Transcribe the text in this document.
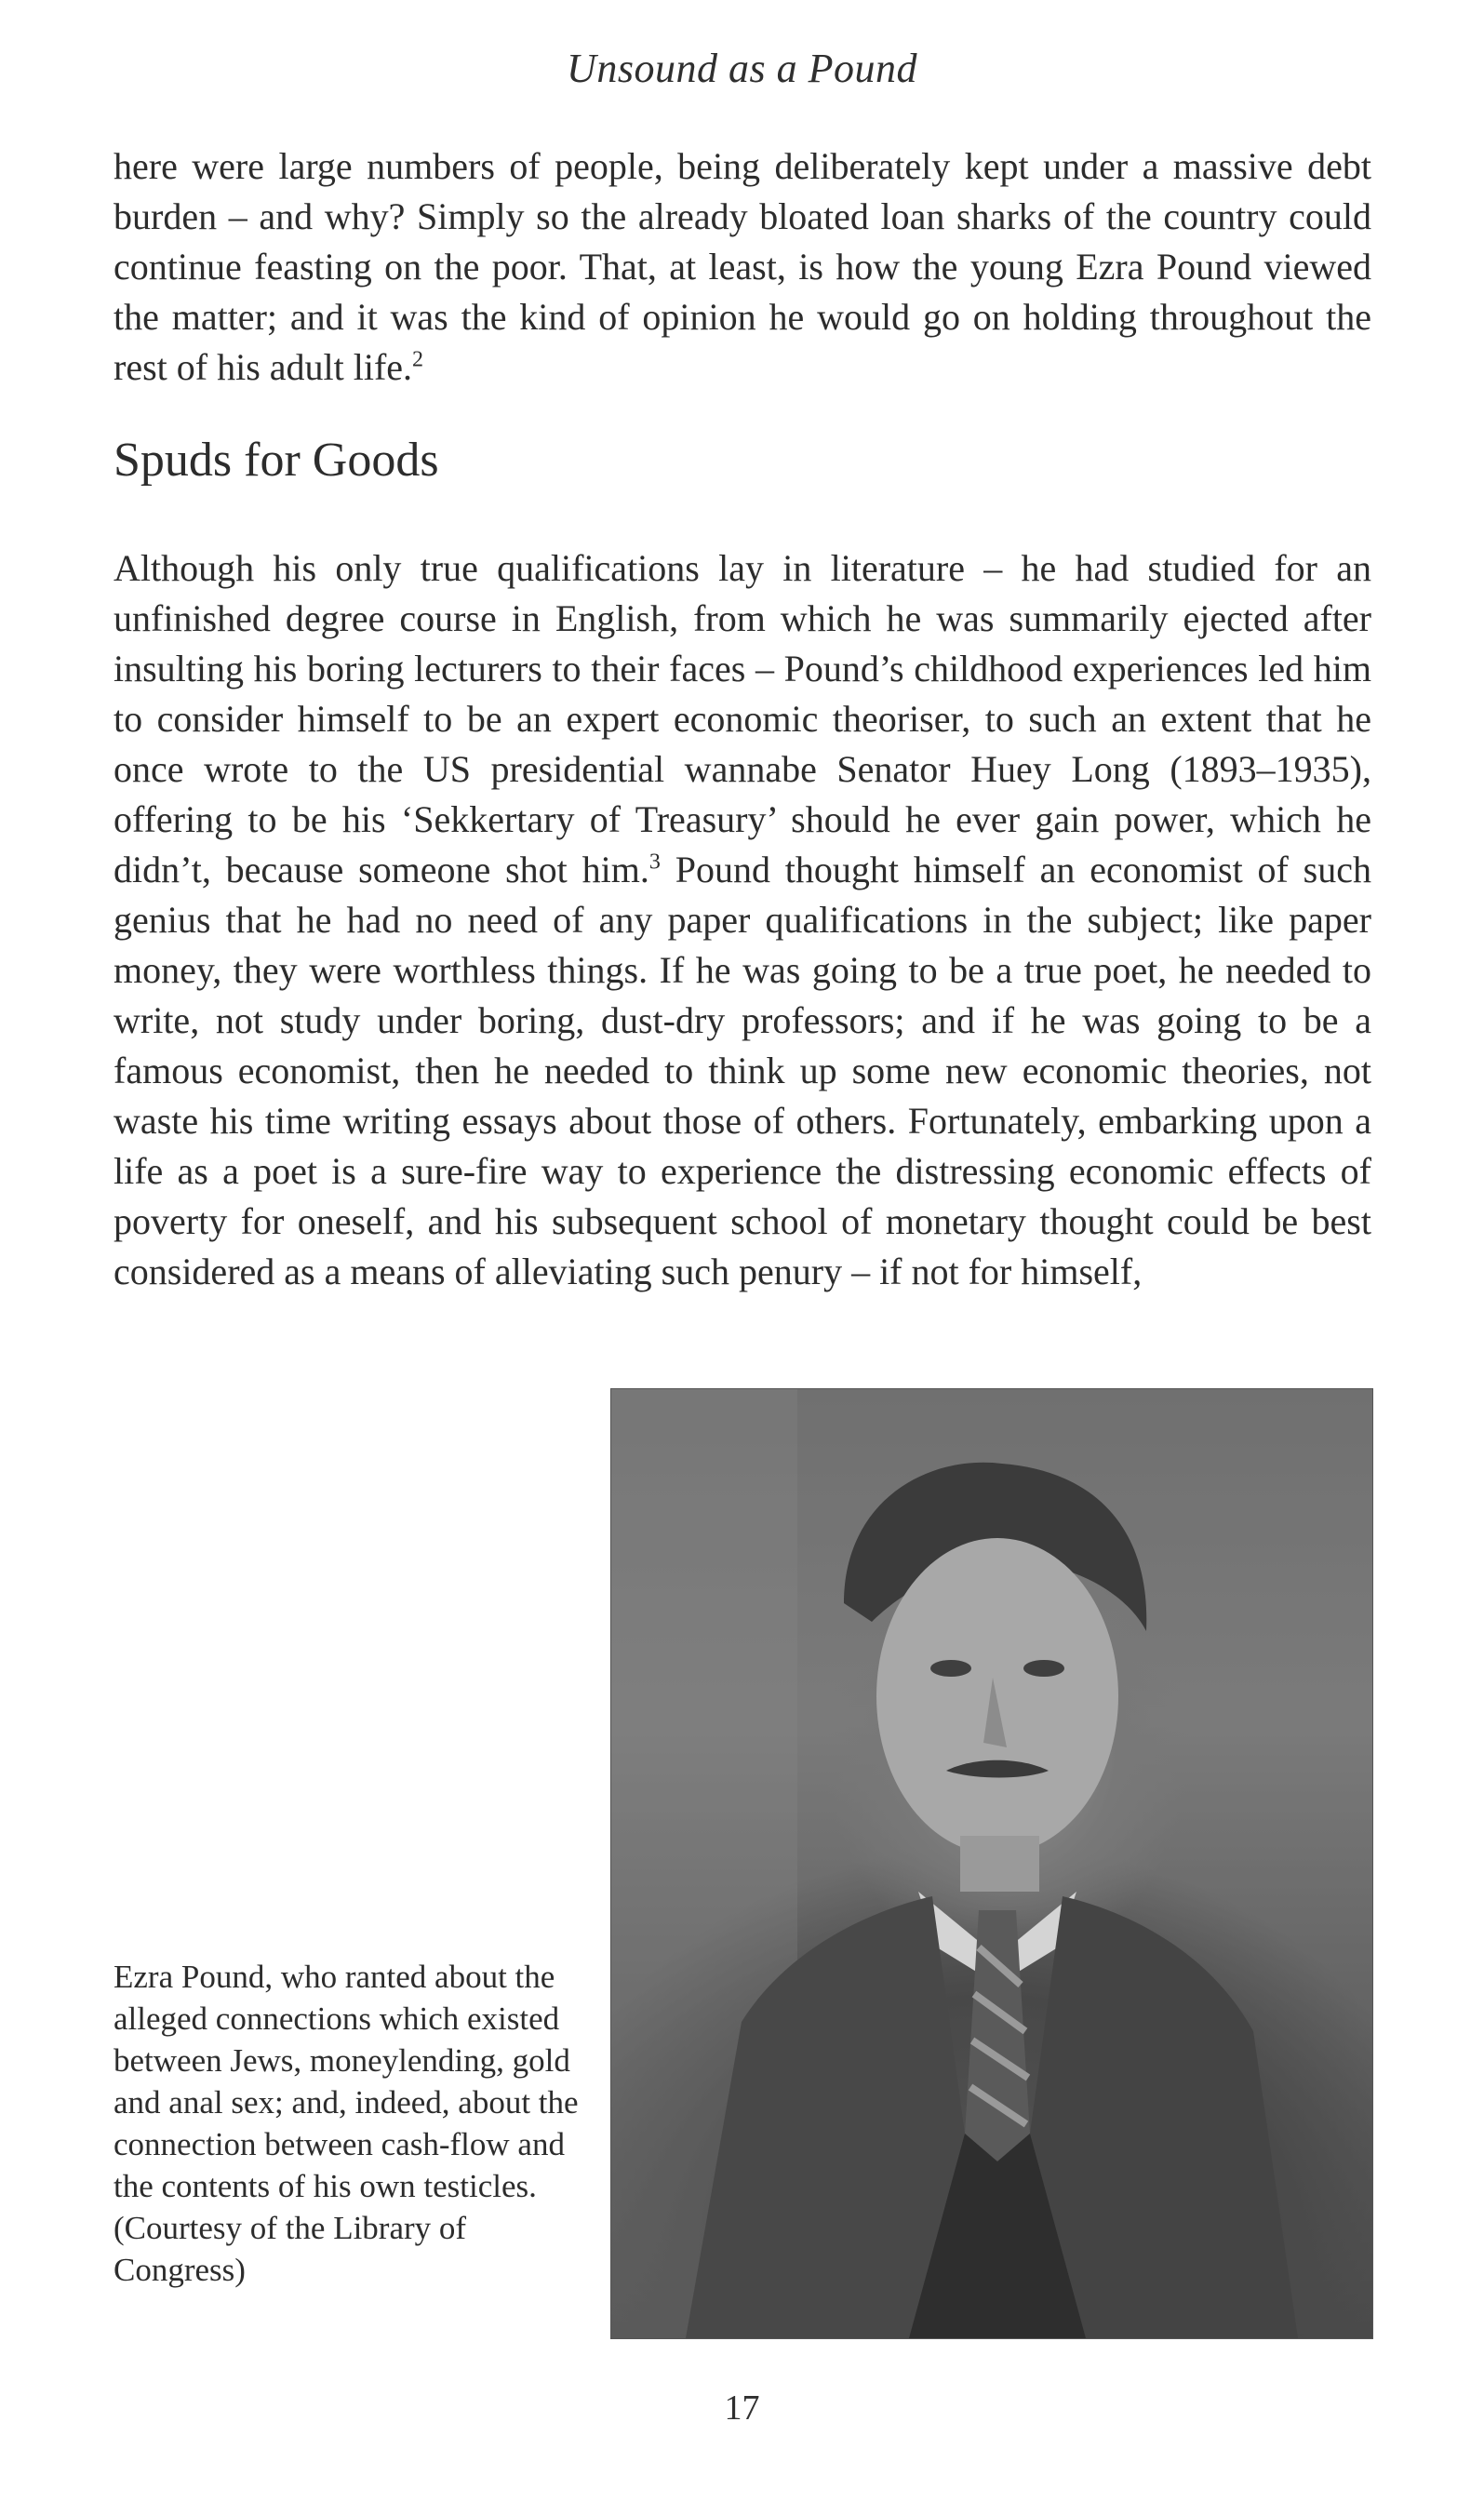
Unsound as a Pound
here were large numbers of people, being deliberately kept under a massive debt burden – and why? Simply so the already bloated loan sharks of the country could continue feasting on the poor. That, at least, is how the young Ezra Pound viewed the matter; and it was the kind of opinion he would go on holding throughout the rest of his adult life.$^2$
Spuds for Goods
Although his only true qualifications lay in literature – he had studied for an unfinished degree course in English, from which he was summarily ejected after insulting his boring lecturers to their faces – Pound’s childhood experiences led him to consider himself to be an expert economic theoriser, to such an extent that he once wrote to the US presidential wannabe Senator Huey Long (1893–1935), offering to be his ‘Sekkertary of Treasury’ should he ever gain power, which he didn’t, because someone shot him.$^3$ Pound thought himself an economist of such genius that he had no need of any paper qualifications in the subject; like paper money, they were worthless things. If he was going to be a true poet, he needed to write, not study under boring, dust-dry professors; and if he was going to be a famous economist, then he needed to think up some new economic theories, not waste his time writing essays about those of others. Fortunately, embarking upon a life as a poet is a sure-fire way to experience the distressing economic effects of poverty for oneself, and his subsequent school of monetary thought could be best considered as a means of alleviating such penury – if not for himself,
Ezra Pound, who ranted about the alleged connections which existed between Jews, moneylending, gold and anal sex; and, indeed, about the connection between cash-flow and the contents of his own testicles. (Courtesy of the Library of Congress)
17
